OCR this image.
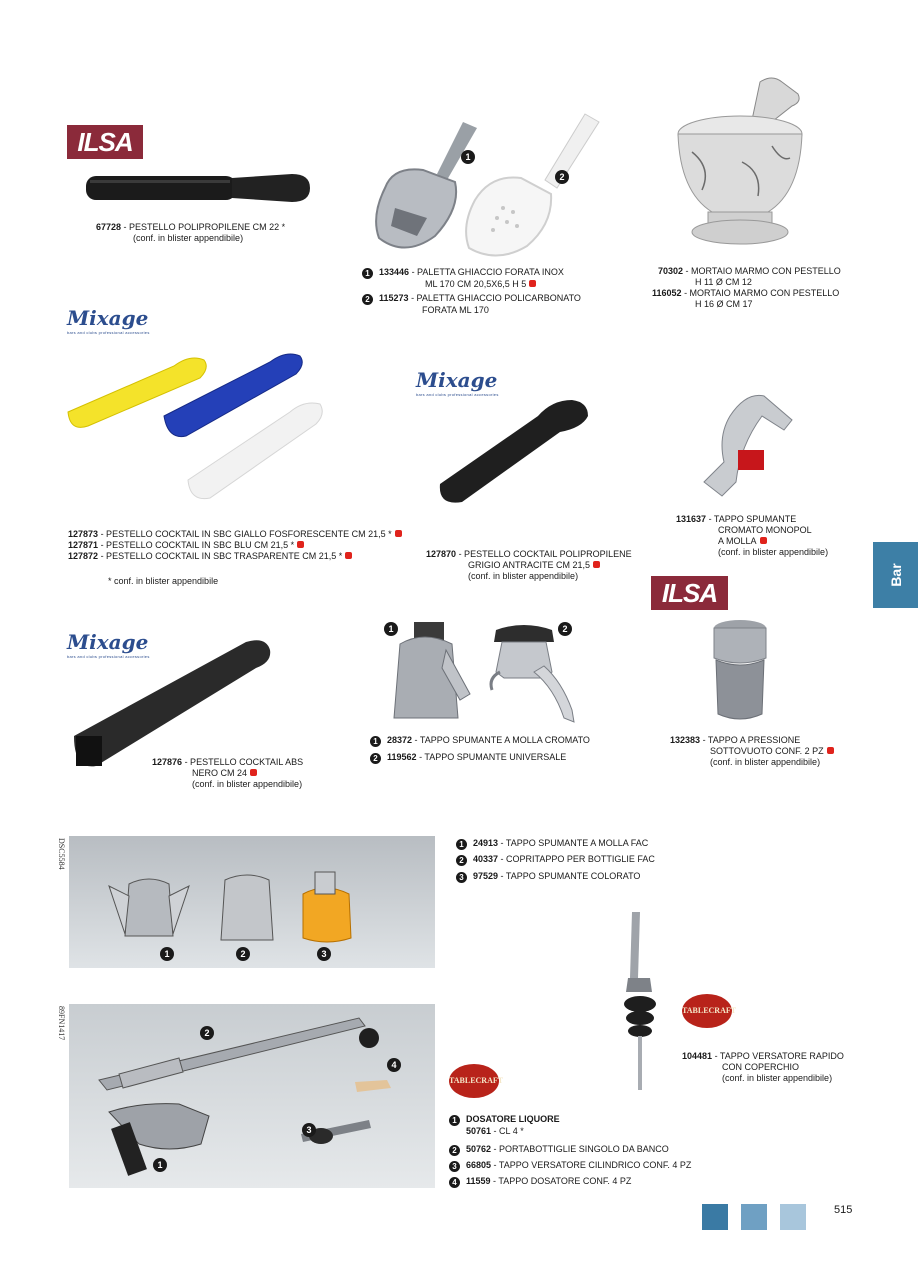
ILSA
67728 - PESTELLO POLIPROPILENE CM 22 *
(conf. in blister appendibile)
1
2
1 133446 - PALETTA GHIACCIO FORATA INOX
ML 170 CM 20,5X6,5 H 5
2 115273 - PALETTA GHIACCIO POLICARBONATO
FORATA ML 170
70302 - MORTAIO MARMO CON PESTELLO
H 11 Ø CM 12
116052 - MORTAIO MARMO CON PESTELLO
H 16 Ø CM 17
Mixage
bars and clubs professional accessories
127873 - PESTELLO COCKTAIL IN SBC GIALLO FOSFORESCENTE CM 21,5 *
127871 - PESTELLO COCKTAIL IN SBC BLU CM 21,5 *
127872 - PESTELLO COCKTAIL IN SBC TRASPARENTE CM 21,5 *
* conf. in blister appendibile
Mixage
bars and clubs professional accessories
127870 - PESTELLO COCKTAIL POLIPROPILENE
GRIGIO ANTRACITE CM 21,5
(conf. in blister appendibile)
131637 - TAPPO SPUMANTE
CROMATO MONOPOL
A MOLLA
(conf. in blister appendibile)
ILSA
Mixage
bars and clubs professional accessories
127876 - PESTELLO COCKTAIL ABS
NERO CM 24
(conf. in blister appendibile)
1	2
1 28372 - TAPPO SPUMANTE A MOLLA CROMATO
2 119562 - TAPPO SPUMANTE UNIVERSALE
132383 - TAPPO A PRESSIONE
SOTTOVUOTO CONF. 2 PZ
(conf. in blister appendibile)
Bar
DSC5584
1	2	3
1 24913 - TAPPO SPUMANTE A MOLLA FAC
2 40337 - COPRITAPPO PER BOTTIGLIE FAC
3 97529 - TAPPO SPUMANTE COLORATO
TABLECRAFT
104481 - TAPPO VERSATORE RAPIDO
CON COPERCHIO
(conf. in blister appendibile)
89FN1417	2
4
3
1
TABLECRAFT
1 DOSATORE LIQUORE
50761 - CL 4 *
2 50762 - PORTABOTTIGLIE SINGOLO DA BANCO
3 66805 - TAPPO VERSATORE CILINDRICO CONF. 4 PZ
4 11559 - TAPPO DOSATORE CONF. 4 PZ
515
